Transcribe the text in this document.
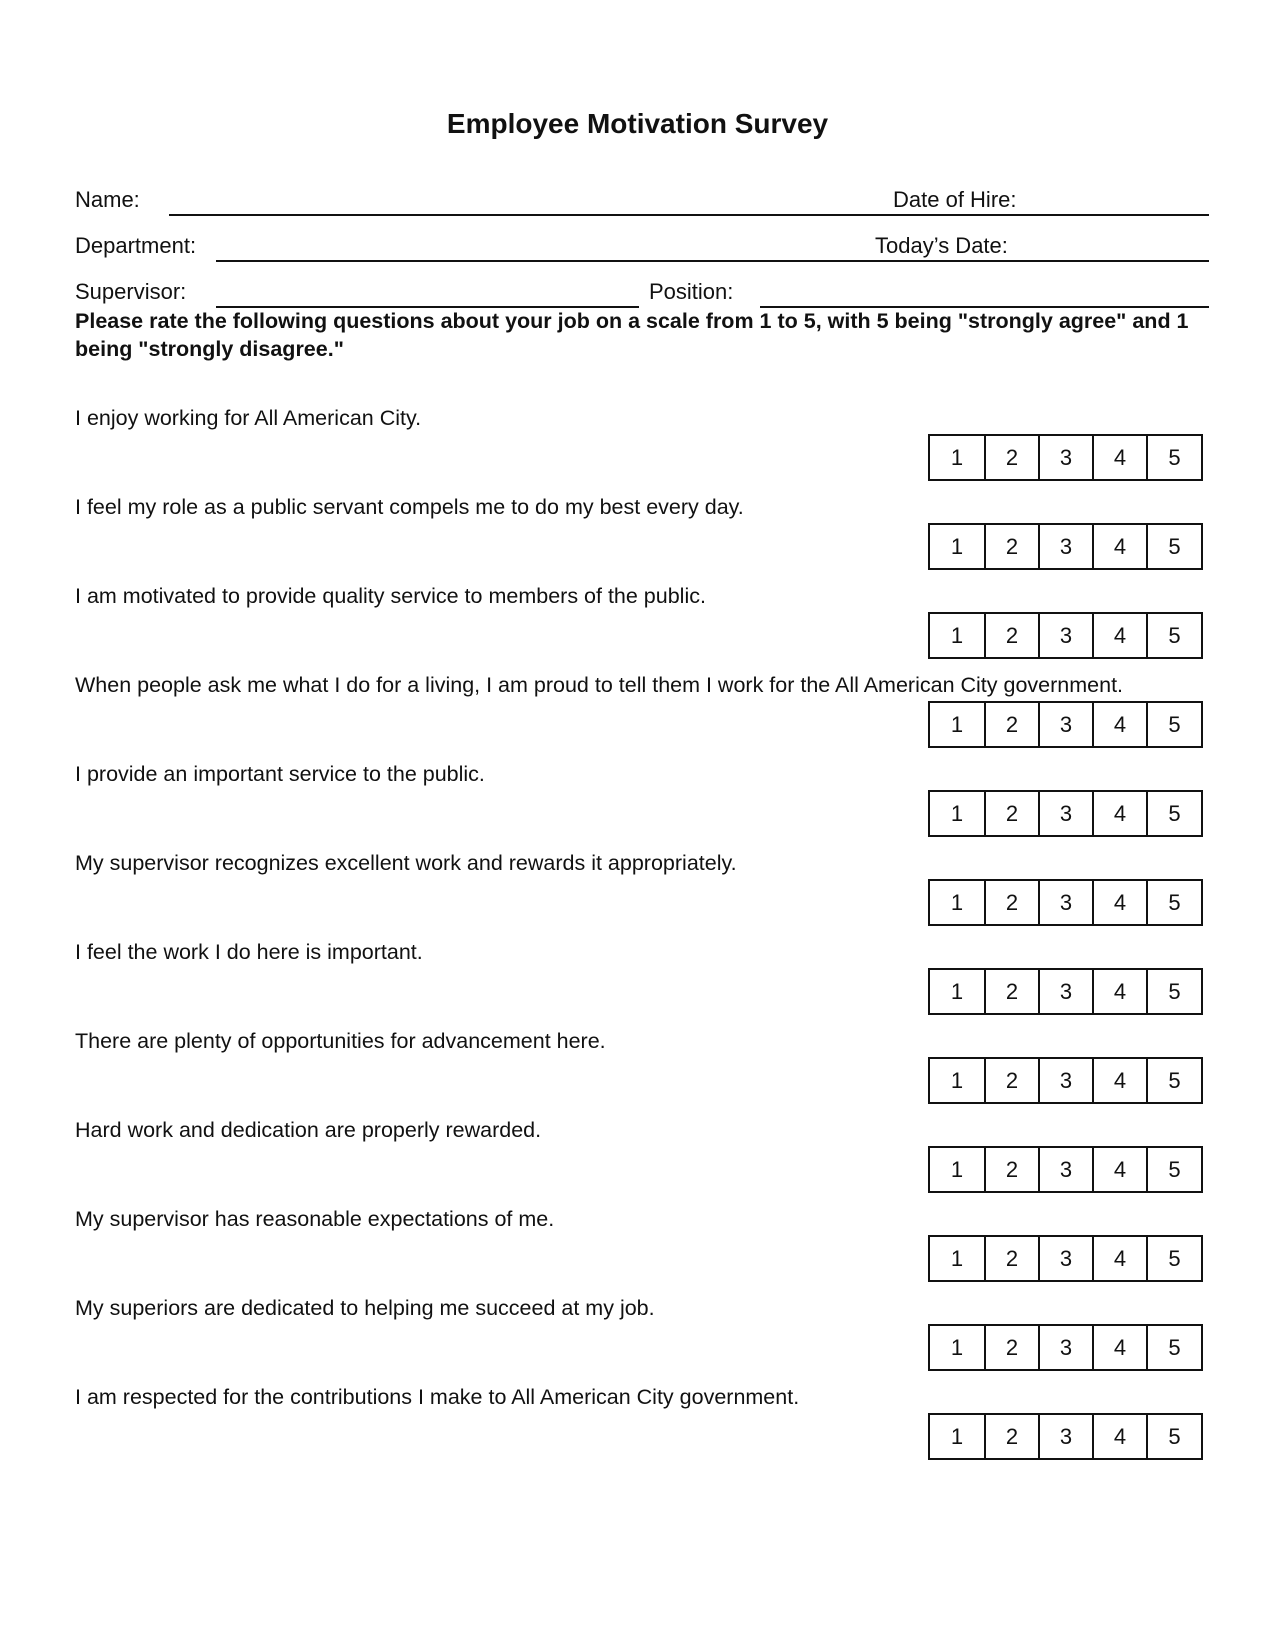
Employee Motivation Survey
Name:	Date of Hire:
Department:	Today’s Date:
Supervisor:	Position:
Please rate the following questions about your job on a scale from 1 to 5, with 5 being "strongly agree" and 1 being "strongly disagree."
I enjoy working for All American City.
1	2	3	4	5
I feel my role as a public servant compels me to do my best every day.
1	2	3	4	5
I am motivated to provide quality service to members of the public.
1	2	3	4	5
When people ask me what I do for a living, I am proud to tell them I work for the All American City government.
1	2	3	4	5
I provide an important service to the public.
1	2	3	4	5
My supervisor recognizes excellent work and rewards it appropriately.
1	2	3	4	5
I feel the work I do here is important.
1	2	3	4	5
There are plenty of opportunities for advancement here.
1	2	3	4	5
Hard work and dedication are properly rewarded.
1	2	3	4	5
My supervisor has reasonable expectations of me.
1	2	3	4	5
My superiors are dedicated to helping me succeed at my job.
1	2	3	4	5
I am respected for the contributions I make to All American City government.
1	2	3	4	5
